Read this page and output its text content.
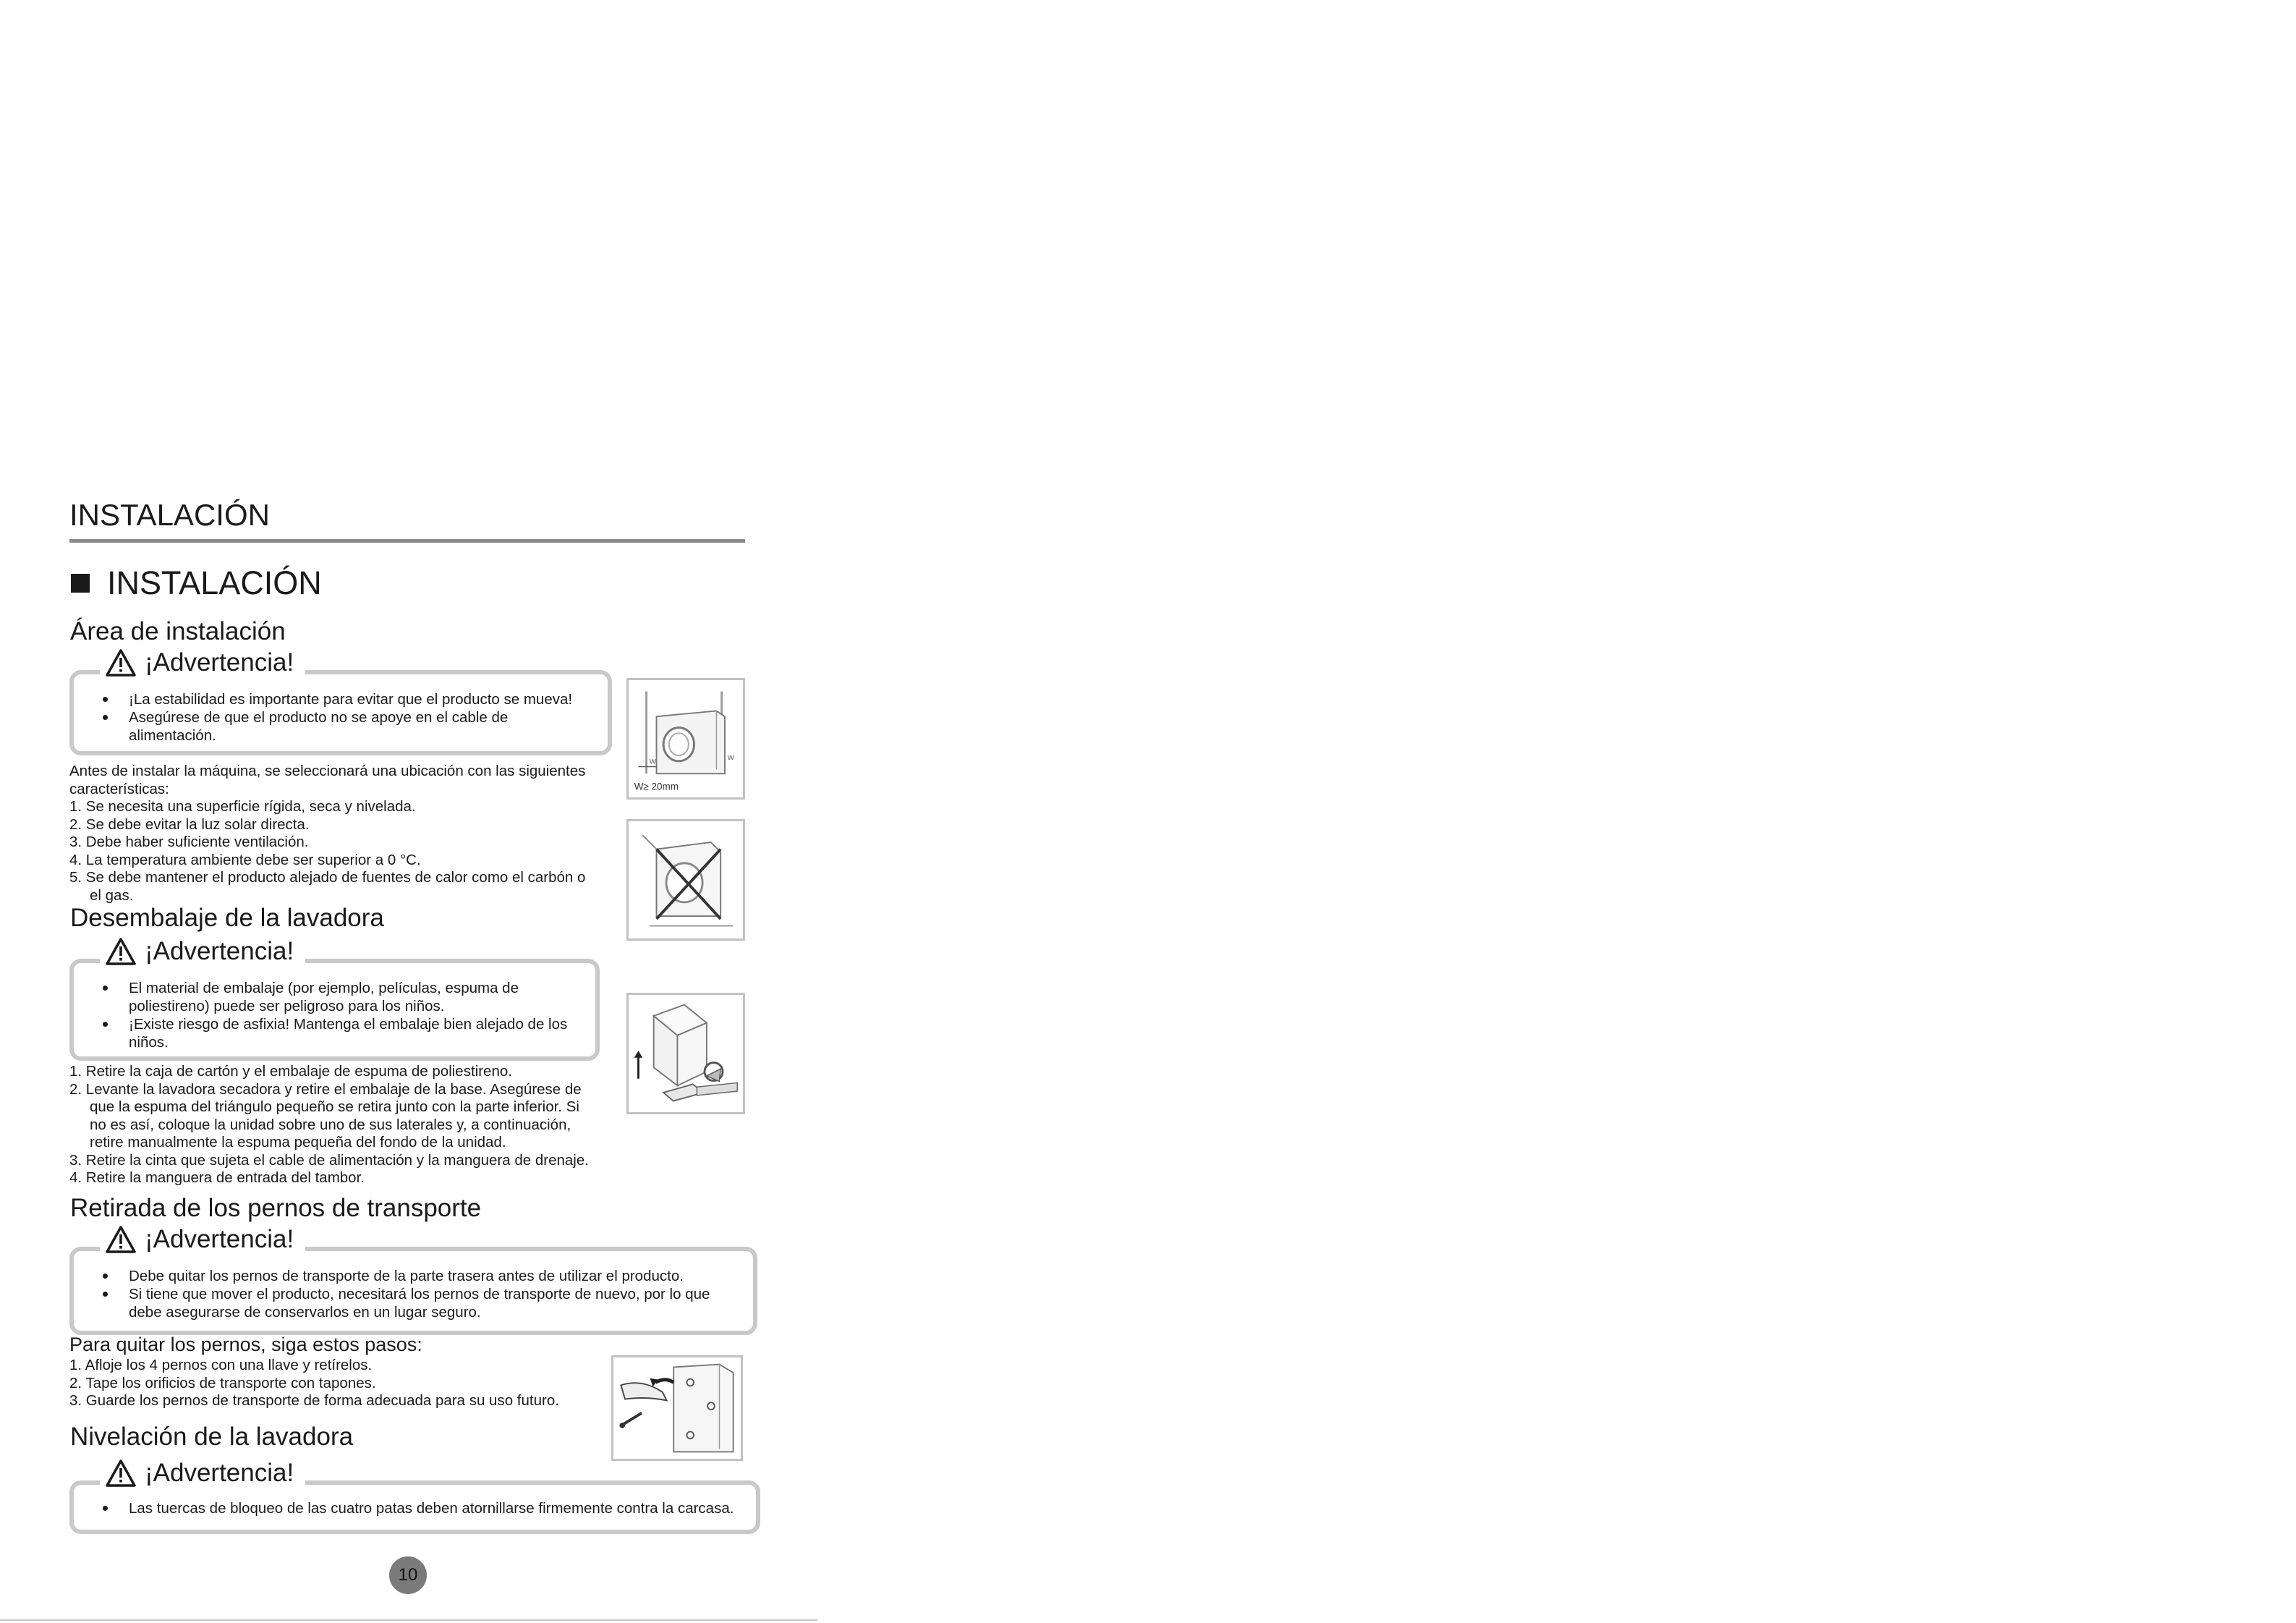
INSTALACIÓN
INSTALACIÓN
Área de instalación
¡Advertencia!
¡La estabilidad es importante para evitar que el producto se mueva!
Asegúrese de que el producto no se apoye en el cable de
alimentación.
Antes de instalar la máquina, se seleccionará una ubicación con las siguientes
características:
1. Se necesita una superficie rígida, seca y nivelada.
2. Se debe evitar la luz solar directa.
3. Debe haber suficiente ventilación.
4. La temperatura ambiente debe ser superior a 0 °C.
5. Se debe mantener el producto alejado de fuentes de calor como el carbón o
el gas.
W
W
W≥ 20mm
Desembalaje de la lavadora
¡Advertencia!
El material de embalaje (por ejemplo, películas, espuma de
poliestireno) puede ser peligroso para los niños.
¡Existe riesgo de asfixia! Mantenga el embalaje bien alejado de los
niños.
1. Retire la caja de cartón y el embalaje de espuma de poliestireno.
2. Levante la lavadora secadora y retire el embalaje de la base. Asegúrese de
que la espuma del triángulo pequeño se retira junto con la parte inferior. Si
no es así, coloque la unidad sobre uno de sus laterales y, a continuación,
retire manualmente la espuma pequeña del fondo de la unidad.
3. Retire la cinta que sujeta el cable de alimentación y la manguera de drenaje.
4. Retire la manguera de entrada del tambor.
Retirada de los pernos de transporte
¡Advertencia!
Debe quitar los pernos de transporte de la parte trasera antes de utilizar el producto.
Si tiene que mover el producto, necesitará los pernos de transporte de nuevo, por lo que
debe asegurarse de conservarlos en un lugar seguro.
Para quitar los pernos, siga estos pasos:
1. Afloje los 4 pernos con una llave y retírelos.
2. Tape los orificios de transporte con tapones.
3. Guarde los pernos de transporte de forma adecuada para su uso futuro.
Nivelación de la lavadora
¡Advertencia!
Las tuercas de bloqueo de las cuatro patas deben atornillarse firmemente contra la carcasa.
10
